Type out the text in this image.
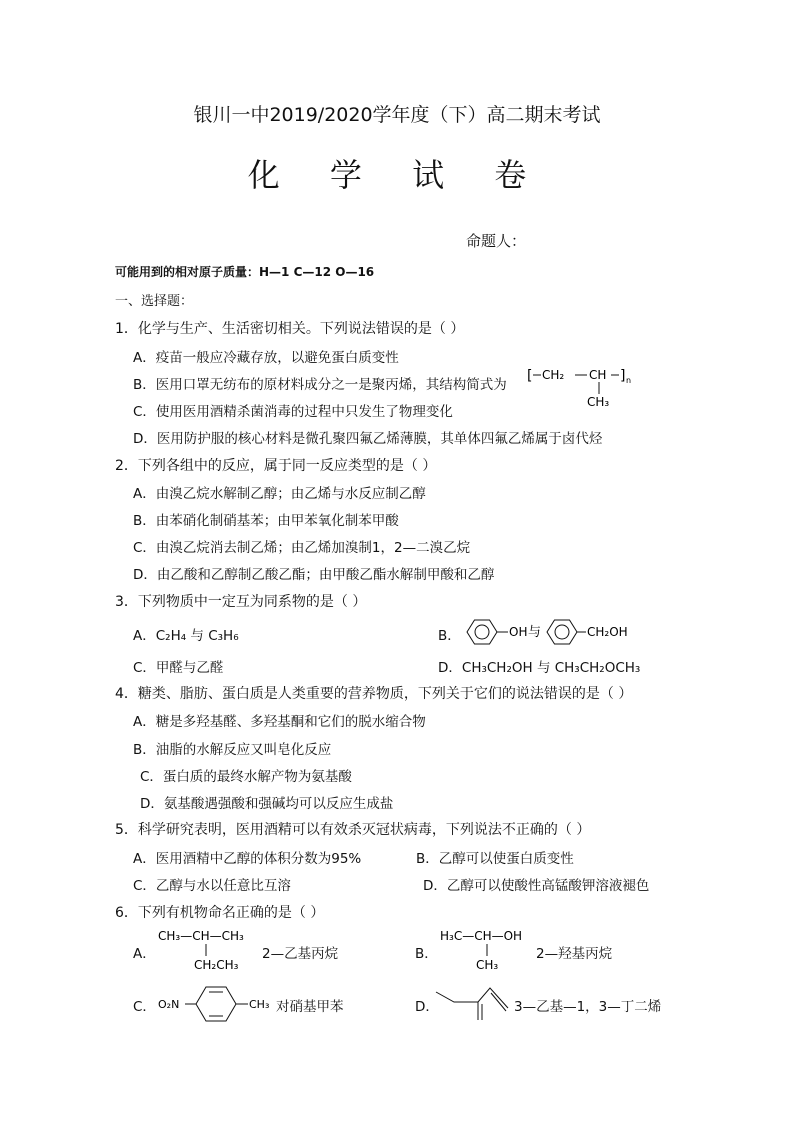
银川一中2019/2020学年度（下）高二期末考试
化 学 试 卷
命题人：
可能用到的相对原子质量：H—1 C—12 O—16
一、选择题：
1．化学与生产、生活密切相关。下列说法错误的是（ ）
A．疫苗一般应冷藏存放，以避免蛋白质变性
B．医用口罩无纺布的原材料成分之一是聚丙烯，其结构简式为
[ CH₂ CH ] n
CH₃
C．使用医用酒精杀菌消毒的过程中只发生了物理变化
D．医用防护服的核心材料是微孔聚四氟乙烯薄膜，其单体四氟乙烯属于卤代烃
2．下列各组中的反应，属于同一反应类型的是（ ）
A．由溴乙烷水解制乙醇；由乙烯与水反应制乙醇
B．由苯硝化制硝基苯；由甲苯氧化制苯甲酸
C．由溴乙烷消去制乙烯；由乙烯加溴制1，2—二溴乙烷
D．由乙酸和乙醇制乙酸乙酯；由甲酸乙酯水解制甲酸和乙醇
3．下列物质中一定互为同系物的是（ ）
A．C₂H₄ 与 C₃H₆	B．	OH 与	CH₂OH
C．甲醛与乙醛	D．CH₃CH₂OH 与 CH₃CH₂OCH₃
4．糖类、脂肪、蛋白质是人类重要的营养物质，下列关于它们的说法错误的是（ ）
A．糖是多羟基醛、多羟基酮和它们的脱水缩合物
B．油脂的水解反应又叫皂化反应
C．蛋白质的最终水解产物为氨基酸
D．氨基酸遇强酸和强碱均可以反应生成盐
5．科学研究表明，医用酒精可以有效杀灭冠状病毒，下列说法不正确的（ ）
A．医用酒精中乙醇的体积分数为95%	B．乙醇可以使蛋白质变性
C．乙醇与水以任意比互溶	D．乙醇可以使酸性高锰酸钾溶液褪色
6．下列有机物命名正确的是（ ）
A．
CH₃—CH—CH₃
CH₂CH₃
2—乙基丙烷	B．
H₃C—CH—OH
CH₃
2—羟基丙烷
C． O₂N	CH₃ 对硝基甲苯	D．	3—乙基—1，3—丁二烯
